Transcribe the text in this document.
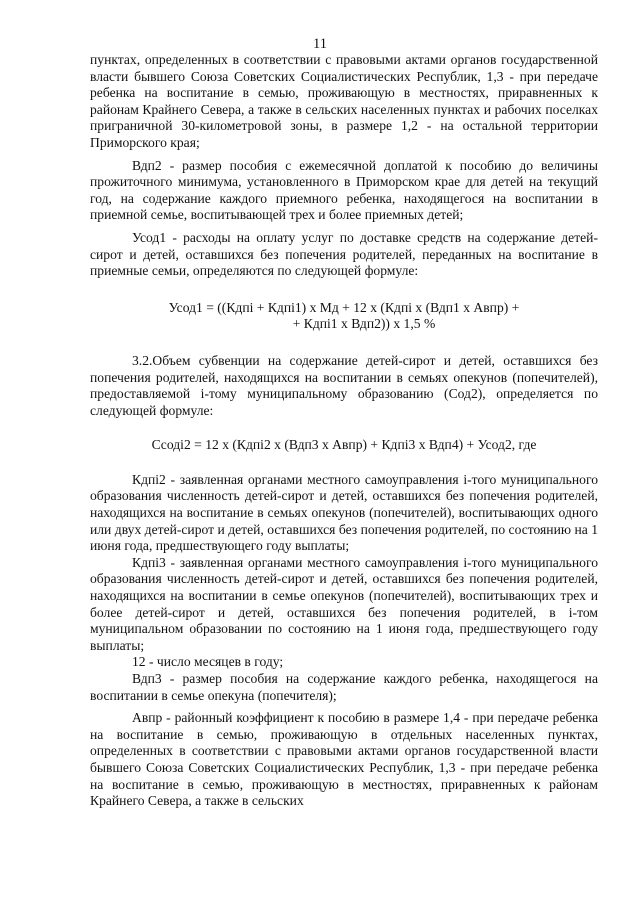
11

пунктах, определенных в соответствии с правовыми актами органов государственной власти бывшего Союза Советских Социалистических Республик, 1,3 - при передаче ребенка на воспитание в семью, проживающую в местностях, приравненных к районам Крайнего Севера, а также в сельских населенных пунктах и рабочих поселках приграничной 30-километровой зоны, в размере 1,2 - на остальной территории Приморского края;

Вдп2 - размер пособия с ежемесячной доплатой к пособию до величины прожиточного минимума, установленного в Приморском крае для детей на текущий год, на содержание каждого приемного ребенка, находящегося на воспитании в приемной семье, воспитывающей трех и более приемных детей;

Усод1 - расходы на оплату услуг по доставке средств на содержание детей-сирот и детей, оставшихся без попечения родителей, переданных на воспитание в приемные семьи, определяются по следующей формуле:

Усод1 = ((Кдпi + Кдпi1) х Мд + 12 х (Кдпi х (Вдп1 х Авпр) +

+ Кдпi1 х Вдп2)) х 1,5 %

3.2.Объем субвенции на содержание детей-сирот и детей, оставшихся без попечения родителей, находящихся на воспитании в семьях опекунов (попечителей), предоставляемой i-тому муниципальному образованию (Сод2), определяется по следующей формуле:

Ссодi2 = 12 х (Кдпi2 х (Вдп3 х Авпр) + Кдпi3 х Вдп4) + Усод2, где

Кдпi2 - заявленная органами местного самоуправления i-того муниципального образования численность детей-сирот и детей, оставшихся без попечения родителей, находящихся на воспитание в семьях опекунов (попечителей), воспитывающих одного или двух детей-сирот и детей, оставшихся без попечения родителей, по состоянию на 1 июня года, предшествующего году выплаты;

Кдпi3 - заявленная органами местного самоуправления i-того муниципального образования численность детей-сирот и детей, оставшихся без попечения родителей, находящихся на воспитании в семье опекунов (попечителей), воспитывающих трех и более детей-сирот и детей, оставшихся без попечения родителей, в i-том муниципальном образовании по состоянию на 1 июня года, предшествующего году выплаты;

12 - число месяцев в году;

Вдп3 - размер пособия на содержание каждого ребенка, находящегося на воспитании в семье опекуна (попечителя);

Авпр - районный коэффициент к пособию в размере 1,4 - при передаче ребенка на воспитание в семью, проживающую в отдельных населенных пунктах, определенных в соответствии с правовыми актами органов государственной власти бывшего Союза Советских Социалистических Республик, 1,3 - при передаче ребенка на воспитание в семью, проживающую в местностях, приравненных к районам Крайнего Севера, а также в сельских
